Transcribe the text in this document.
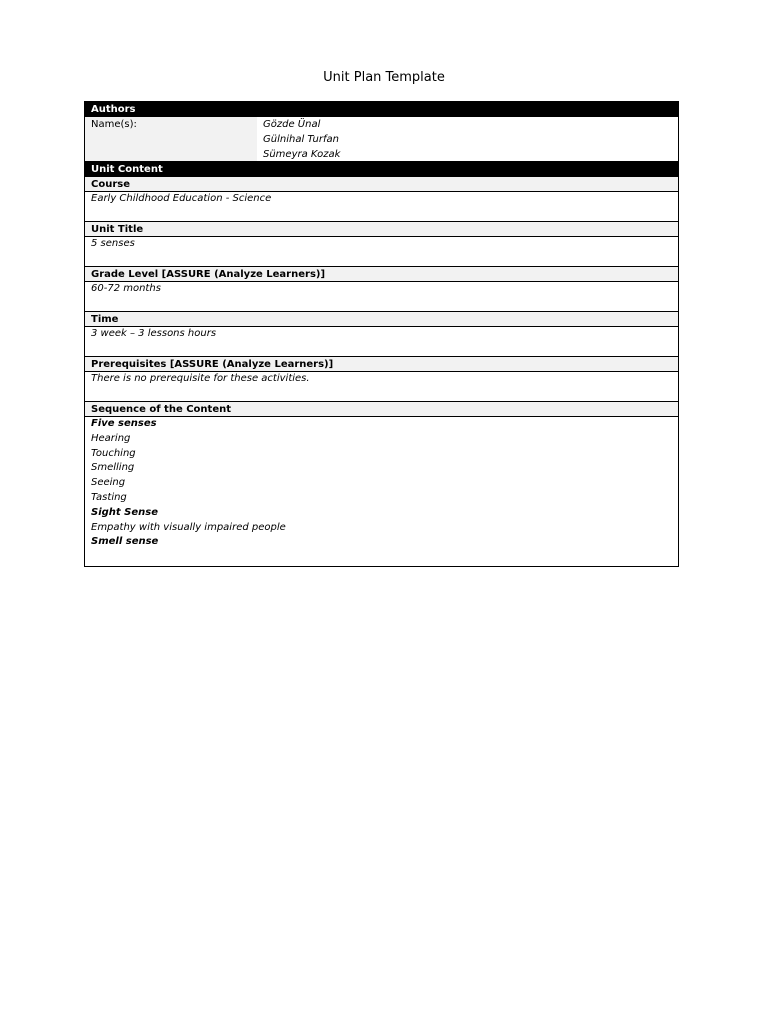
Unit Plan Template
Authors
Name(s):	Gözde Ünal
Gülnihal Turfan
Sümeyra Kozak
Unit Content
Course
Early Childhood Education - Science
Unit Title
5 senses
Grade Level [ASSURE (Analyze Learners)]
60-72 months
Time
3 week – 3 lessons hours
Prerequisites [ASSURE (Analyze Learners)]
There is no prerequisite for these activities.
Sequence of the Content
Five senses
Hearing
Touching
Smelling
Seeing
Tasting
Sight Sense
Empathy with visually impaired people
Smell sense
